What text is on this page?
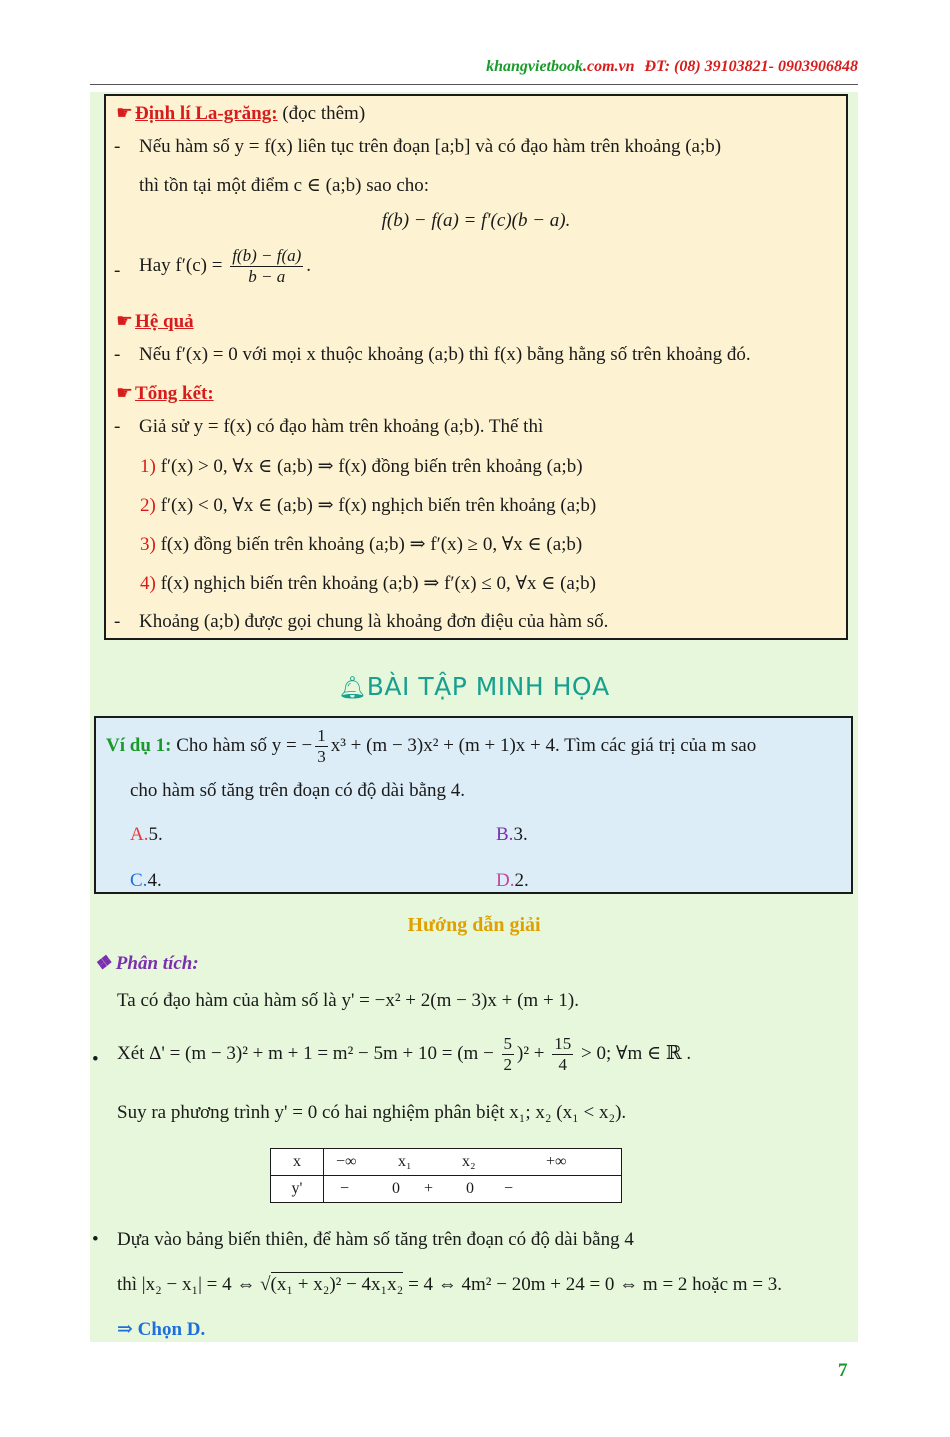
khangvietbook.com.vn ĐT: (08) 39103821- 0903906848
☛ Định lí La-grăng: (đọc thêm)
- Nếu hàm số y = f(x) liên tục trên đoạn [a;b] và có đạo hàm trên khoảng (a;b)
thì tồn tại một điểm c ∈ (a;b) sao cho:
f(b) − f(a) = f′(c)(b − a).
- Hay $f'(c) = \frac{f(b) - f(a)}{b - a}$ .
☛ Hệ quả
- Nếu f′(x) = 0 với mọi x thuộc khoảng (a;b) thì f(x) bằng hằng số trên khoảng đó.
☛ Tổng kết:
- Giả sử y = f(x) có đạo hàm trên khoảng (a;b). Thế thì
1) f′(x) > 0, ∀x ∈ (a;b) ⇒ f(x) đồng biến trên khoảng (a;b)
2) f′(x) < 0, ∀x ∈ (a;b) ⇒ f(x) nghịch biến trên khoảng (a;b)
3) f(x) đồng biến trên khoảng (a;b) ⇒ f′(x) ≥ 0, ∀x ∈ (a;b)
4) f(x) nghịch biến trên khoảng (a;b) ⇒ f′(x) ≤ 0, ∀x ∈ (a;b)
- Khoảng (a;b) được gọi chung là khoảng đơn điệu của hàm số.
🔔︎BÀI TẬP MINH HỌA
Ví dụ 1: Cho hàm số y = − $\frac{1}{3} x^3 + (m - 3)x^2 + (m + 1)x + 4$. Tìm các giá trị của m sao
cho hàm số tăng trên đoạn có độ dài bằng 4.
A.5.	B.3.
C.4.	D.2.
Hướng dẫn giải
❖ Phân tích:
Ta có đạo hàm của hàm số là y' = −x² + 2(m − 3)x + (m + 1).
• Xét $\Delta' = (m - 3)^2 + m + 1 = m^2 - 5m + 10 = (m - \frac{5}{2} )^2 + \frac{15}{4} > 0$; ∀m ∈ ℝ .
Suy ra phương trình y' = 0 có hai nghiệm phân biệt x₁; x₂ (x₁ < x₂).
x	−∞ x₁ x₂ +∞

y'	− 0 + 0 −
• Dựa vào bảng biến thiên, để hàm số tăng trên đoạn có độ dài bằng 4
thì |x₂ − x₁| = 4 ⇔ √(x₁ + x₂)² − 4x₁x₂ = 4 ⇔ 4m² − 20m + 24 = 0 ⇔ m = 2 hoặc m = 3.
⇒ Chọn D.
7
